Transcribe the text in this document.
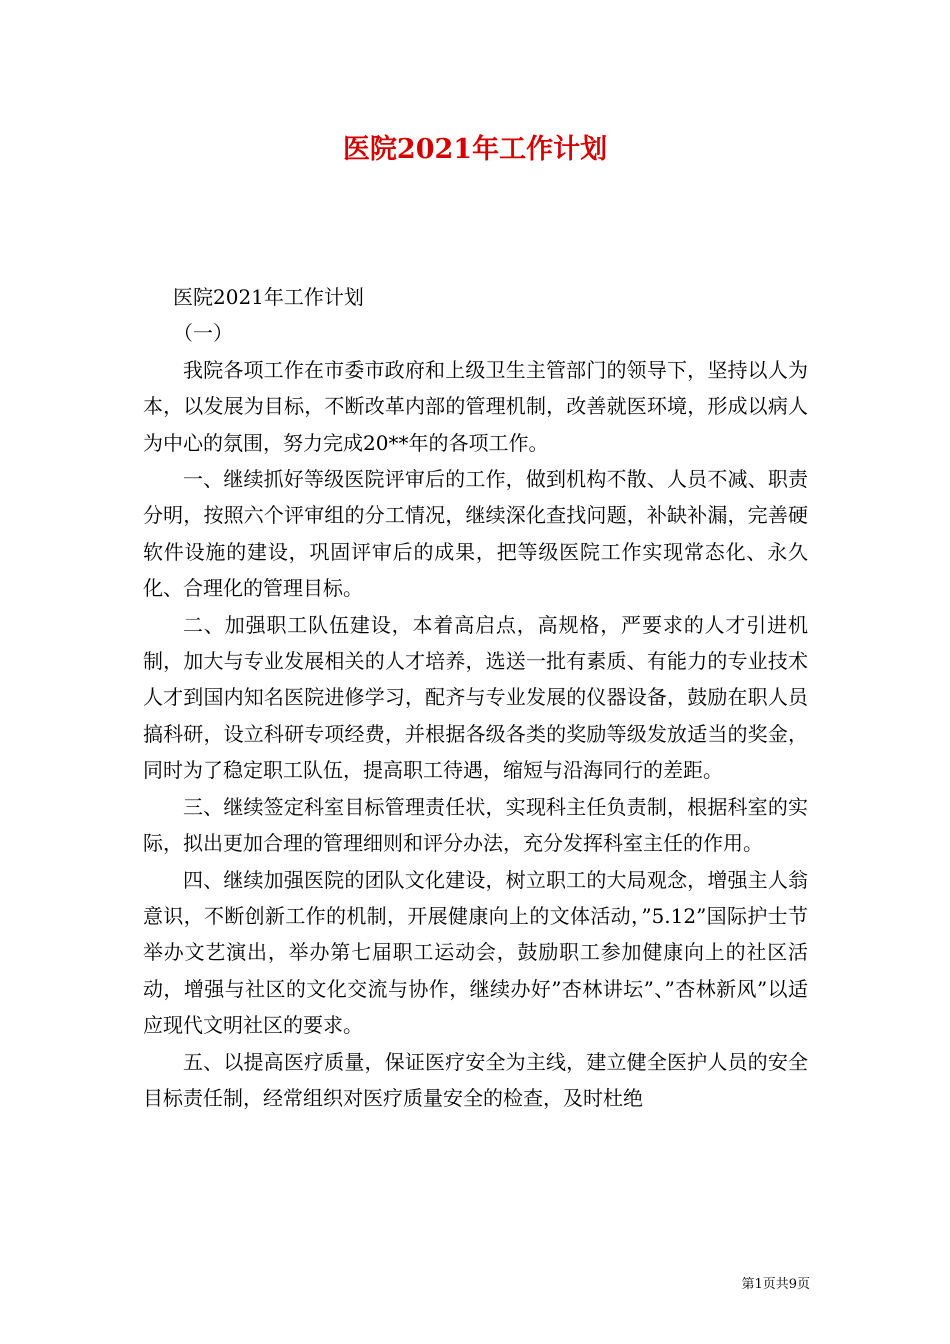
医院2021年工作计划

医院2021年工作计划

（一）

我院各项工作在市委市政府和上级卫生主管部门的领导下，坚持以人为本，以发展为目标，不断改革内部的管理机制，改善就医环境，形成以病人为中心的氛围，努力完成20**年的各项工作。

一、继续抓好等级医院评审后的工作，做到机构不散、人员不减、职责分明，按照六个评审组的分工情况，继续深化查找问题，补缺补漏，完善硬软件设施的建设，巩固评审后的成果，把等级医院工作实现常态化、永久化、合理化的管理目标。

二、加强职工队伍建设，本着高启点，高规格，严要求的人才引进机制，加大与专业发展相关的人才培养，选送一批有素质、有能力的专业技术人才到国内知名医院进修学习，配齐与专业发展的仪器设备，鼓励在职人员搞科研，设立科研专项经费，并根据各级各类的奖励等级发放适当的奖金，同时为了稳定职工队伍，提高职工待遇，缩短与沿海同行的差距。

三、继续签定科室目标管理责任状，实现科主任负责制，根据科室的实际，拟出更加合理的管理细则和评分办法，充分发挥科室主任的作用。

四、继续加强医院的团队文化建设，树立职工的大局观念，增强主人翁意识，不断创新工作的机制，开展健康向上的文体活动，”5.12”国际护士节举办文艺演出，举办第七届职工运动会，鼓励职工参加健康向上的社区活动，增强与社区的文化交流与协作，继续办好”杏林讲坛”、”杏林新风”以适应现代文明社区的要求。

五、以提高医疗质量，保证医疗安全为主线，建立健全医护人员的安全目标责任制，经常组织对医疗质量安全的检查，及时杜绝

第1页共9页
